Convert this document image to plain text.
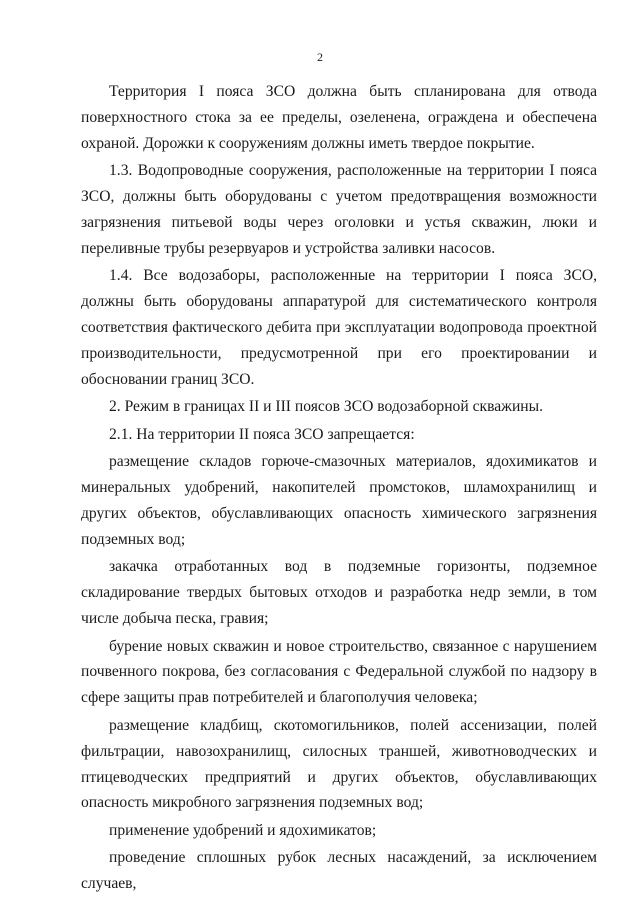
2

Территория I пояса ЗСО должна быть спланирована для отвода поверхностного стока за ее пределы, озеленена, ограждена и обеспечена охраной. Дорожки к сооружениям должны иметь твердое покрытие.

1.3. Водопроводные сооружения, расположенные на территории I пояса ЗСО, должны быть оборудованы с учетом предотвращения возможности загрязнения питьевой воды через оголовки и устья скважин, люки и переливные трубы резервуаров и устройства заливки насосов.

1.4. Все водозаборы, расположенные на территории I пояса ЗСО, должны быть оборудованы аппаратурой для систематического контроля соответствия фактического дебита при эксплуатации водопровода проектной производительности, предусмотренной при его проектировании и обосновании границ ЗСО.

2. Режим в границах II и III поясов ЗСО водозаборной скважины.

2.1. На территории II пояса ЗСО запрещается:

размещение складов горюче-смазочных материалов, ядохимикатов и минеральных удобрений, накопителей промстоков, шламохранилищ и других объектов, обуславливающих опасность химического загрязнения подземных вод;

закачка отработанных вод в подземные горизонты, подземное складирование твердых бытовых отходов и разработка недр земли, в том числе добыча песка, гравия;

бурение новых скважин и новое строительство, связанное с нарушением почвенного покрова, без согласования с Федеральной службой по надзору в сфере защиты прав потребителей и благополучия человека;

размещение кладбищ, скотомогильников, полей ассенизации, полей фильтрации, навозохранилищ, силосных траншей, животноводческих и птицеводческих предприятий и других объектов, обуславливающих опасность микробного загрязнения подземных вод;

применение удобрений и ядохимикатов;

проведение сплошных рубок лесных насаждений, за исключением случаев,
